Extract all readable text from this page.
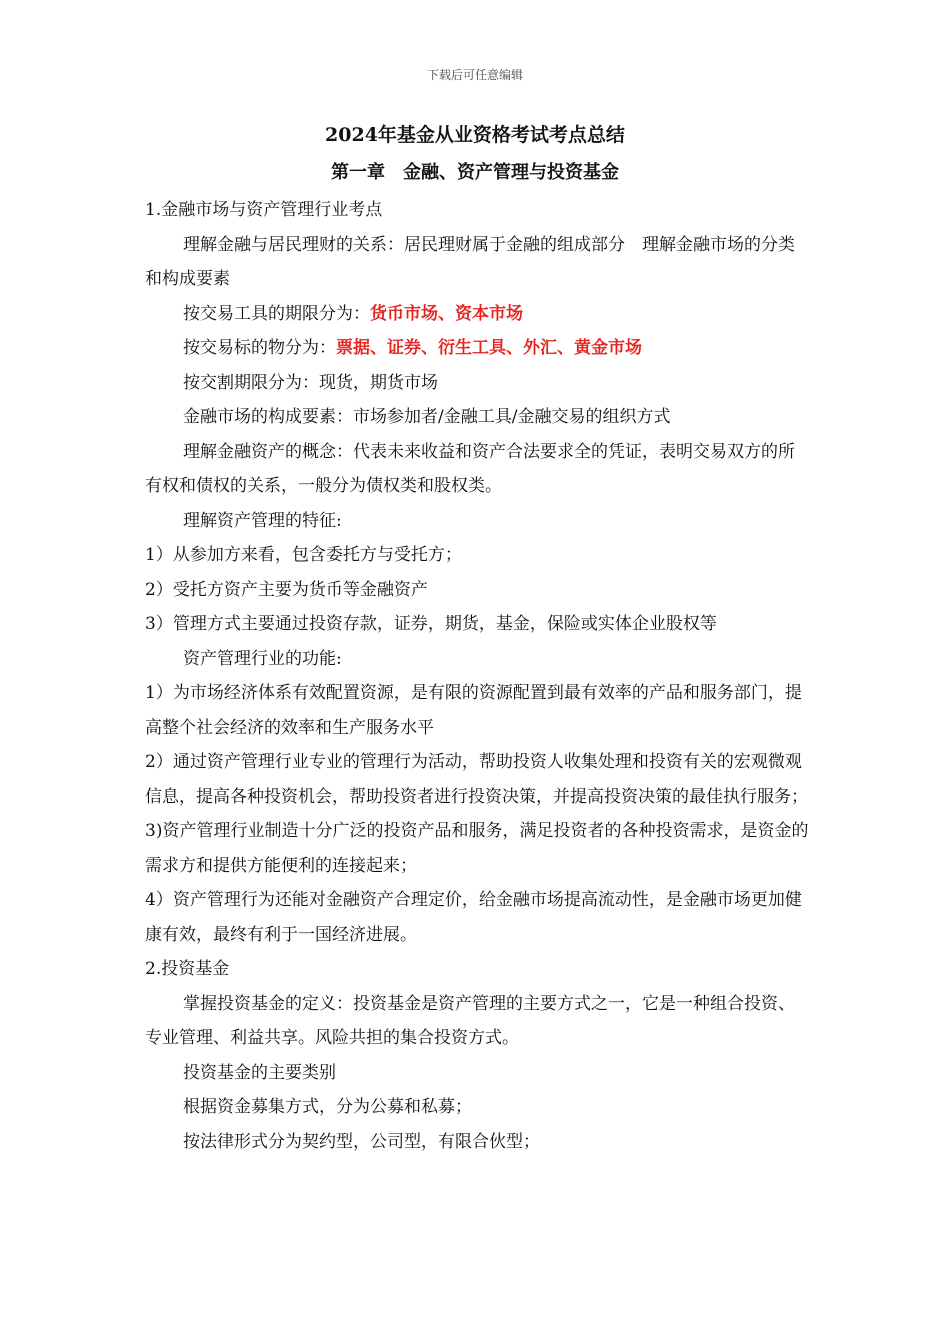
下载后可任意编辑
2024年基金从业资格考试考点总结
第一章　金融、资产管理与投资基金

1.金融市场与资产管理行业考点

理解金融与居民理财的关系：居民理财属于金融的组成部分　理解金融市场的分类和构成要素

按交易工具的期限分为：货币市场、资本市场

按交易标的物分为：票据、证券、衍生工具、外汇、黄金市场

按交割期限分为：现货，期货市场

金融市场的构成要素：市场参加者/金融工具/金融交易的组织方式

理解金融资产的概念：代表未来收益和资产合法要求全的凭证，表明交易双方的所有权和债权的关系，一般分为债权类和股权类。

理解资产管理的特征:

1）从参加方来看，包含委托方与受托方；

2）受托方资产主要为货币等金融资产

3）管理方式主要通过投资存款，证券，期货，基金，保险或实体企业股权等

资产管理行业的功能:

1）为市场经济体系有效配置资源，是有限的资源配置到最有效率的产品和服务部门，提高整个社会经济的效率和生产服务水平

2）通过资产管理行业专业的管理行为活动，帮助投资人收集处理和投资有关的宏观微观信息，提高各种投资机会，帮助投资者进行投资决策，并提高投资决策的最佳执行服务；

3)资产管理行业制造十分广泛的投资产品和服务，满足投资者的各种投资需求，是资金的需求方和提供方能便利的连接起来；

4）资产管理行为还能对金融资产合理定价，给金融市场提高流动性，是金融市场更加健康有效，最终有利于一国经济进展。

2.投资基金

掌握投资基金的定义：投资基金是资产管理的主要方式之一，它是一种组合投资、专业管理、利益共享。风险共担的集合投资方式。

投资基金的主要类别

根据资金募集方式，分为公募和私募；

按法律形式分为契约型，公司型，有限合伙型；
